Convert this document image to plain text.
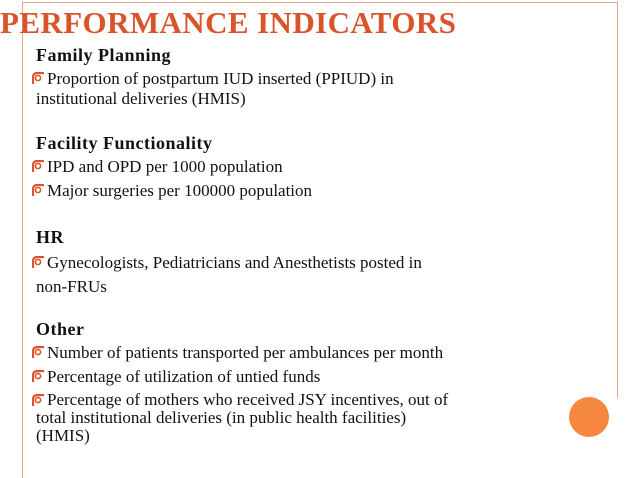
PERFORMANCE INDICATORS

Family Planning

Proportion of postpartum IUD inserted (PPIUD) in
institutional deliveries (HMIS)

Facility Functionality

IPD and OPD per 1000 population
Major surgeries per 100000 population

HR

Gynecologists, Pediatricians and Anesthetists posted in
non-FRUs

Other

Number of patients transported per ambulances per month
Percentage of utilization of untied funds
Percentage of mothers who received JSY incentives, out of
total institutional deliveries (in public health facilities)
(HMIS)
